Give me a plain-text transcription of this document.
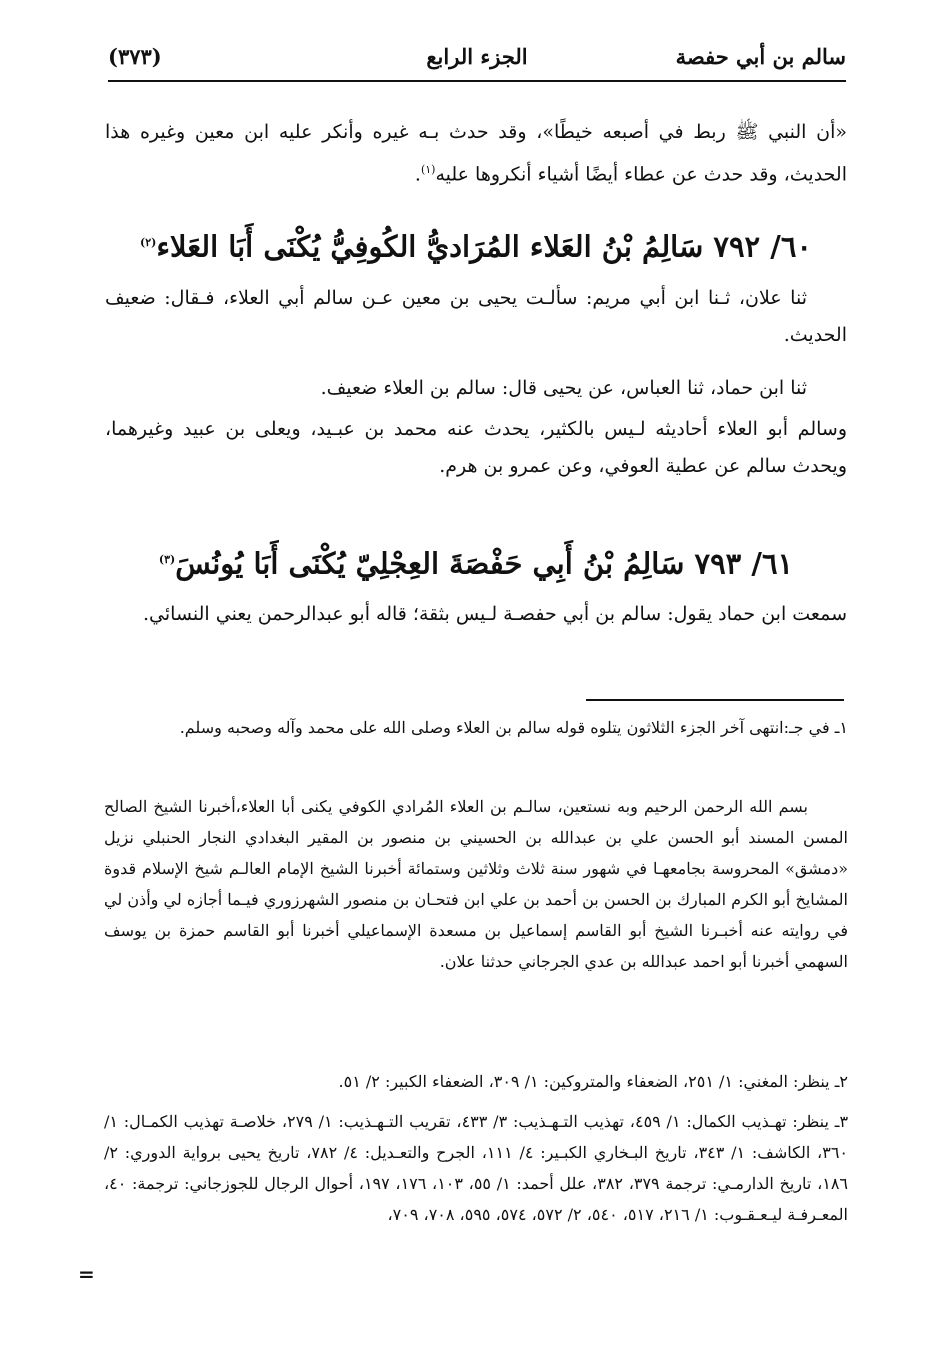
سالم بن أبي حفصة
الجزء الرابع
(٣٧٣)
«أن النبي ﷺ ربط في أصبعه خيطًا»، وقد حدث بـه غيره وأنكر عليه ابن معين وغيره هذا الحديث، وقد حدث عن عطاء أيضًا أشياء أنكروها عليه$^{(١)}$.
٦٠/ ٧٩٢ سَالِمُ بْنُ العَلاء المُرَاديُّ الكُوفِيُّ يُكْنَى أَبَا العَلاء$^{(٢)}$
ثنا علان، ثـنا ابن أبي مريم: سألـت يحيى بن معين عـن سالم أبي العلاء، فـقال: ضعيف الحديث.
ثنا ابن حماد، ثنا العباس، عن يحيى قال: سالم بن العلاء ضعيف.
وسالم أبو العلاء أحاديثه لـيس بالكثير، يحدث عنه محمد بن عبـيد، ويعلى بن عبيد وغيرهما، ويحدث سالم عن عطية العوفي، وعن عمرو بن هرم.
٦١/ ٧٩٣ سَالِمُ بْنُ أَبِي حَفْصَةَ العِجْلِيّ يُكْنَى أَبَا يُونُسَ$^{(٣)}$
سمعت ابن حماد يقول: سالم بن أبي حفصـة لـيس بثقة؛ قاله أبو عبدالرحمن يعني النسائي.
١ـ في جـ:انتهى آخر الجزء الثلاثون يتلوه قوله سالم بن العلاء وصلى الله على محمد وآله وصحبه وسلم.
بسم الله الرحمن الرحيم وبه نستعين، سالـم بن العلاء المُرادي الكوفي يكنى أبا العلاء،أخبرنا الشيخ الصالح المسن المسند أبو الحسن علي بن عبدالله بن الحسيني بن منصور بن المقير البغدادي النجار الحنبلي نزيل «دمشق» المحروسة بجامعهـا في شهور سنة ثلاث وثلاثين وستمائة أخبرنا الشيخ الإمام العالـم شيخ الإسلام قدوة المشايخ أبو الكرم المبارك بن الحسن بن أحمد بن علي ابن فتحـان بن منصور الشهرزوري فيـما أجازه لي وأذن لي في روايته عنه أخبـرنا الشيخ أبو القاسم إسماعيل بن مسعدة الإسماعيلي أخبرنا أبو القاسم حمزة بن يوسف السهمي أخبرنا أبو احمد عبدالله بن عدي الجرجاني حدثنا علان.
٢ـ ينظر: المغني: ١/ ٢٥١، الضعفاء والمتروكين: ١/ ٣٠٩، الضعفاء الكبير: ٢/ ٥١.
٣ـ ينظر: تهـذيب الكمال: ١/ ٤٥٩، تهذيب التـهـذيب: ٣/ ٤٣٣، تقريب التـهـذيب: ١/ ٢٧٩، خلاصـة تهذيب الكمـال: ١/ ٣٦٠، الكاشف: ١/ ٣٤٣، تاريخ البـخاري الكبـير: ٤/ ١١١، الجرح والتعـديل: ٤/ ٧٨٢، تاريخ يحيى برواية الدوري: ٢/ ١٨٦، تاريخ الدارمـي: ترجمة ٣٧٩، ٣٨٢، علل أحمد: ١/ ٥٥، ١٠٣، ١٧٦، ١٩٧، أحوال الرجال للجوزجاني: ترجمة: ٤٠، المعـرفـة ليـعـقـوب: ١/ ٢١٦، ٥١٧، ٥٤٠، ٢/ ٥٧٢، ٥٧٤، ٥٩٥، ٧٠٨، ٧٠٩،
=
